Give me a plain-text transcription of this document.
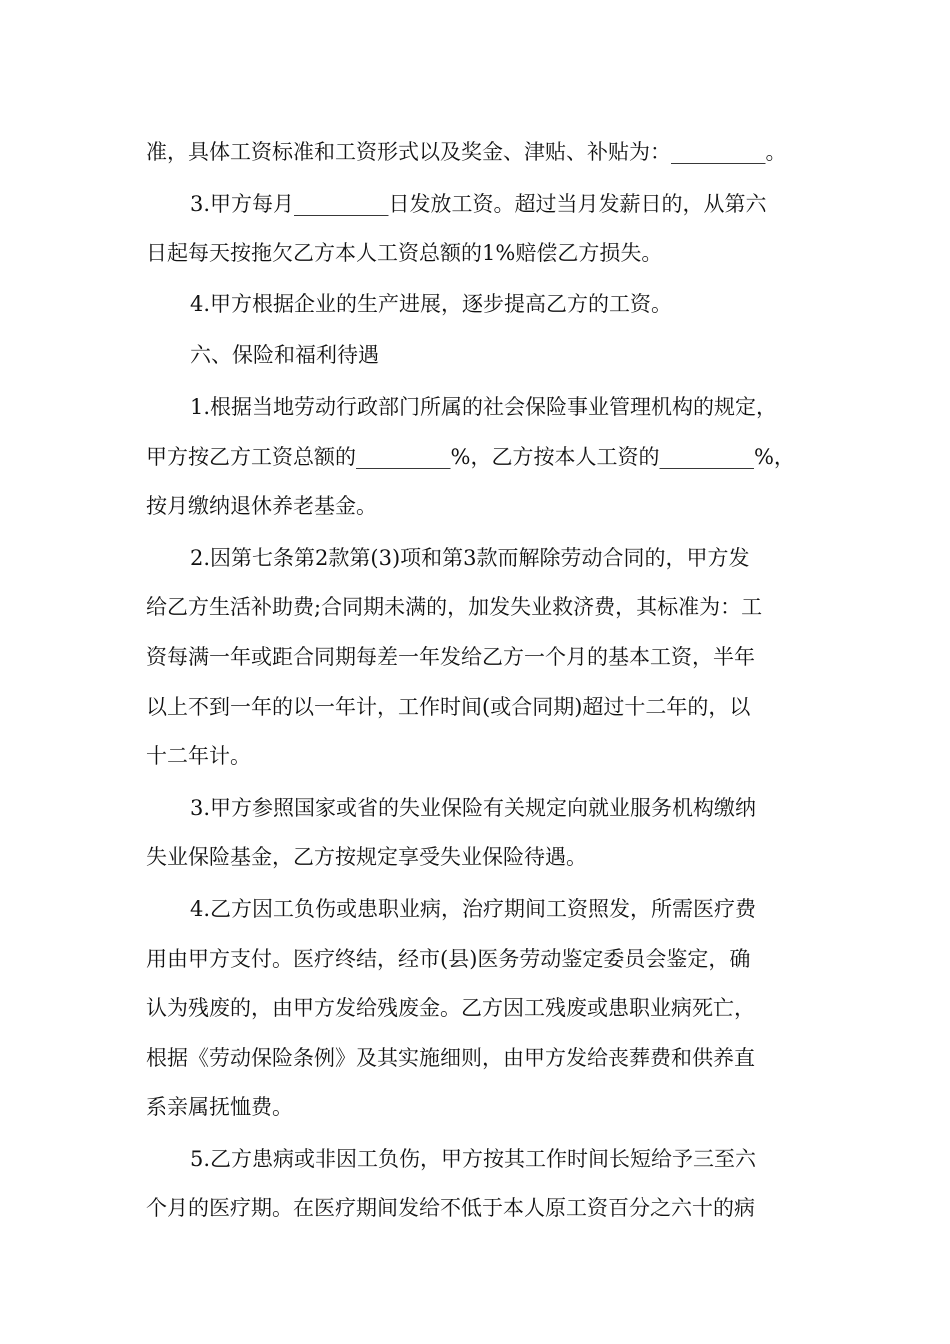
准，具体工资标准和工资形式以及奖金、津贴、补贴为：_________。
3.甲方每月_________日发放工资。超过当月发薪日的，从第六
日起每天按拖欠乙方本人工资总额的1%赔偿乙方损失。
4.甲方根据企业的生产进展，逐步提高乙方的工资。
六、保险和福利待遇
1.根据当地劳动行政部门所属的社会保险事业管理机构的规定，
甲方按乙方工资总额的_________%，乙方按本人工资的_________%，
按月缴纳退休养老基金。
2.因第七条第2款第(3)项和第3款而解除劳动合同的，甲方发
给乙方生活补助费;合同期未满的，加发失业救济费，其标准为：工
资每满一年或距合同期每差一年发给乙方一个月的基本工资，半年
以上不到一年的以一年计，工作时间(或合同期)超过十二年的，以
十二年计。
3.甲方参照国家或省的失业保险有关规定向就业服务机构缴纳
失业保险基金，乙方按规定享受失业保险待遇。
4.乙方因工负伤或患职业病，治疗期间工资照发，所需医疗费
用由甲方支付。医疗终结，经市(县)医务劳动鉴定委员会鉴定，确
认为残废的，由甲方发给残废金。乙方因工残废或患职业病死亡，
根据《劳动保险条例》及其实施细则，由甲方发给丧葬费和供养直
系亲属抚恤费。
5.乙方患病或非因工负伤，甲方按其工作时间长短给予三至六
个月的医疗期。在医疗期间发给不低于本人原工资百分之六十的病
